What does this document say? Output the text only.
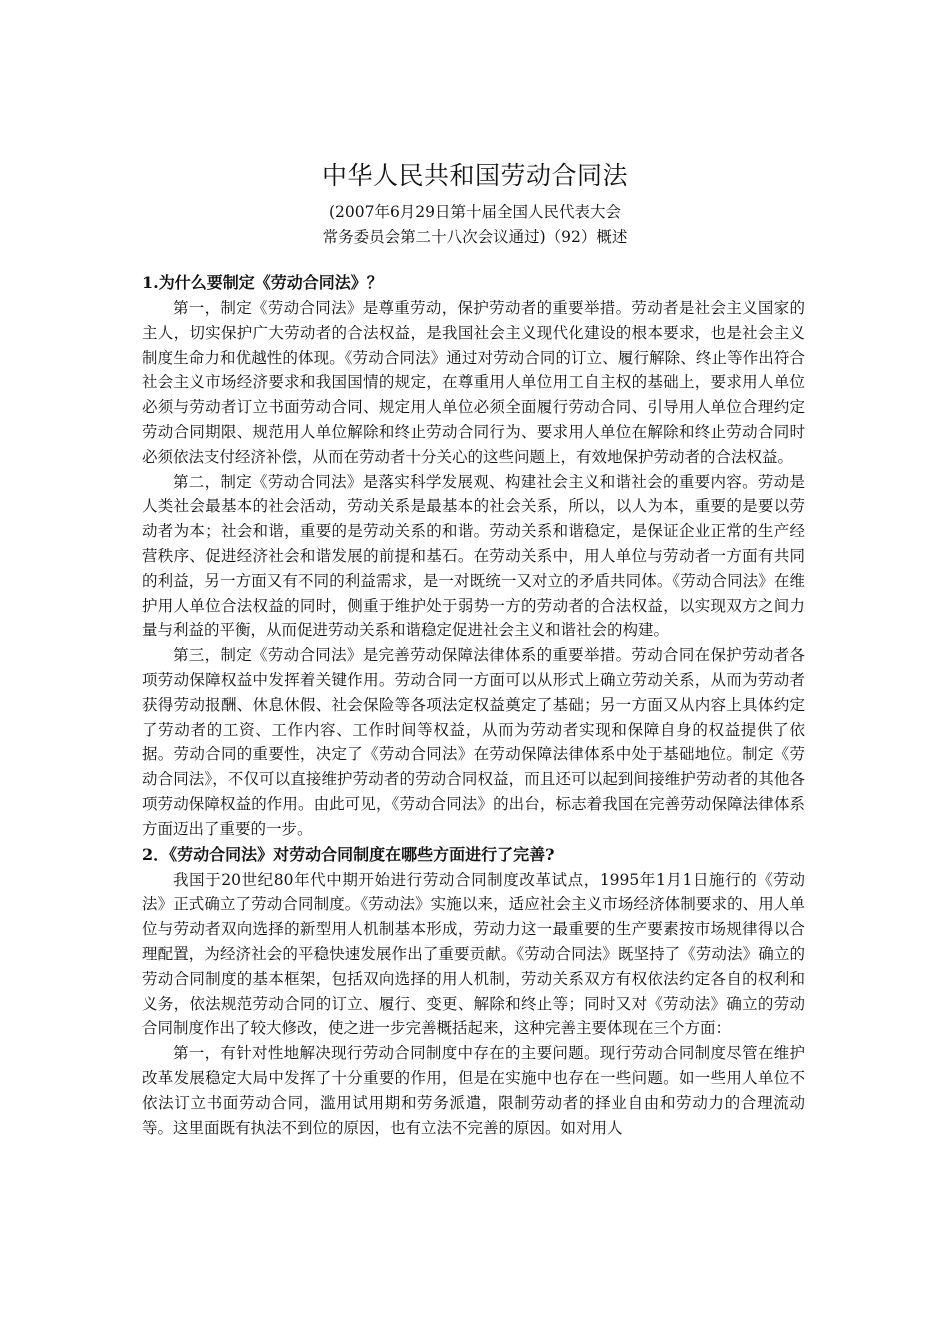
中华人民共和国劳动合同法
(2007年6月29日第十届全国人民代表大会
常务委员会第二十八次会议通过)（92）概述

1.为什么要制定《劳动合同法》？

第一，制定《劳动合同法》是尊重劳动，保护劳动者的重要举措。劳动者是社会主义国家的主人，切实保护广大劳动者的合法权益，是我国社会主义现代化建设的根本要求，也是社会主义制度生命力和优越性的体现。《劳动合同法》通过对劳动合同的订立、履行解除、终止等作出符合社会主义市场经济要求和我国国情的规定，在尊重用人单位用工自主权的基础上，要求用人单位必须与劳动者订立书面劳动合同、规定用人单位必须全面履行劳动合同、引导用人单位合理约定劳动合同期限、规范用人单位解除和终止劳动合同行为、要求用人单位在解除和终止劳动合同时必须依法支付经济补偿，从而在劳动者十分关心的这些问题上，有效地保护劳动者的合法权益。

第二，制定《劳动合同法》是落实科学发展观、构建社会主义和谐社会的重要内容。劳动是人类社会最基本的社会活动，劳动关系是最基本的社会关系，所以，以人为本，重要的是要以劳动者为本；社会和谐，重要的是劳动关系的和谐。劳动关系和谐稳定，是保证企业正常的生产经营秩序、促进经济社会和谐发展的前提和基石。在劳动关系中，用人单位与劳动者一方面有共同的利益，另一方面又有不同的利益需求，是一对既统一又对立的矛盾共同体。《劳动合同法》在维护用人单位合法权益的同时，侧重于维护处于弱势一方的劳动者的合法权益，以实现双方之间力量与利益的平衡，从而促进劳动关系和谐稳定促进社会主义和谐社会的构建。

第三，制定《劳动合同法》是完善劳动保障法律体系的重要举措。劳动合同在保护劳动者各项劳动保障权益中发挥着关键作用。劳动合同一方面可以从形式上确立劳动关系，从而为劳动者获得劳动报酬、休息休假、社会保险等各项法定权益奠定了基础；另一方面又从内容上具体约定了劳动者的工资、工作内容、工作时间等权益，从而为劳动者实现和保障自身的权益提供了依据。劳动合同的重要性，决定了《劳动合同法》在劳动保障法律体系中处于基础地位。制定《劳动合同法》，不仅可以直接维护劳动者的劳动合同权益，而且还可以起到间接维护劳动者的其他各项劳动保障权益的作用。由此可见，《劳动合同法》的出台，标志着我国在完善劳动保障法律体系方面迈出了重要的一步。

2．《劳动合同法》对劳动合同制度在哪些方面进行了完善?

我国于20世纪80年代中期开始进行劳动合同制度改革试点，1995年1月1日施行的《劳动法》正式确立了劳动合同制度。《劳动法》实施以来，适应社会主义市场经济体制要求的、用人单位与劳动者双向选择的新型用人机制基本形成，劳动力这一最重要的生产要素按市场规律得以合理配置，为经济社会的平稳快速发展作出了重要贡献。《劳动合同法》既坚持了《劳动法》确立的劳动合同制度的基本框架，包括双向选择的用人机制，劳动关系双方有权依法约定各自的权利和义务，依法规范劳动合同的订立、履行、变更、解除和终止等；同时又对《劳动法》确立的劳动合同制度作出了较大修改，使之进一步完善概括起来，这种完善主要体现在三个方面：

第一，有针对性地解决现行劳动合同制度中存在的主要问题。现行劳动合同制度尽管在维护改革发展稳定大局中发挥了十分重要的作用，但是在实施中也存在一些问题。如一些用人单位不依法订立书面劳动合同，滥用试用期和劳务派遣，限制劳动者的择业自由和劳动力的合理流动等。这里面既有执法不到位的原因，也有立法不完善的原因。如对用人
